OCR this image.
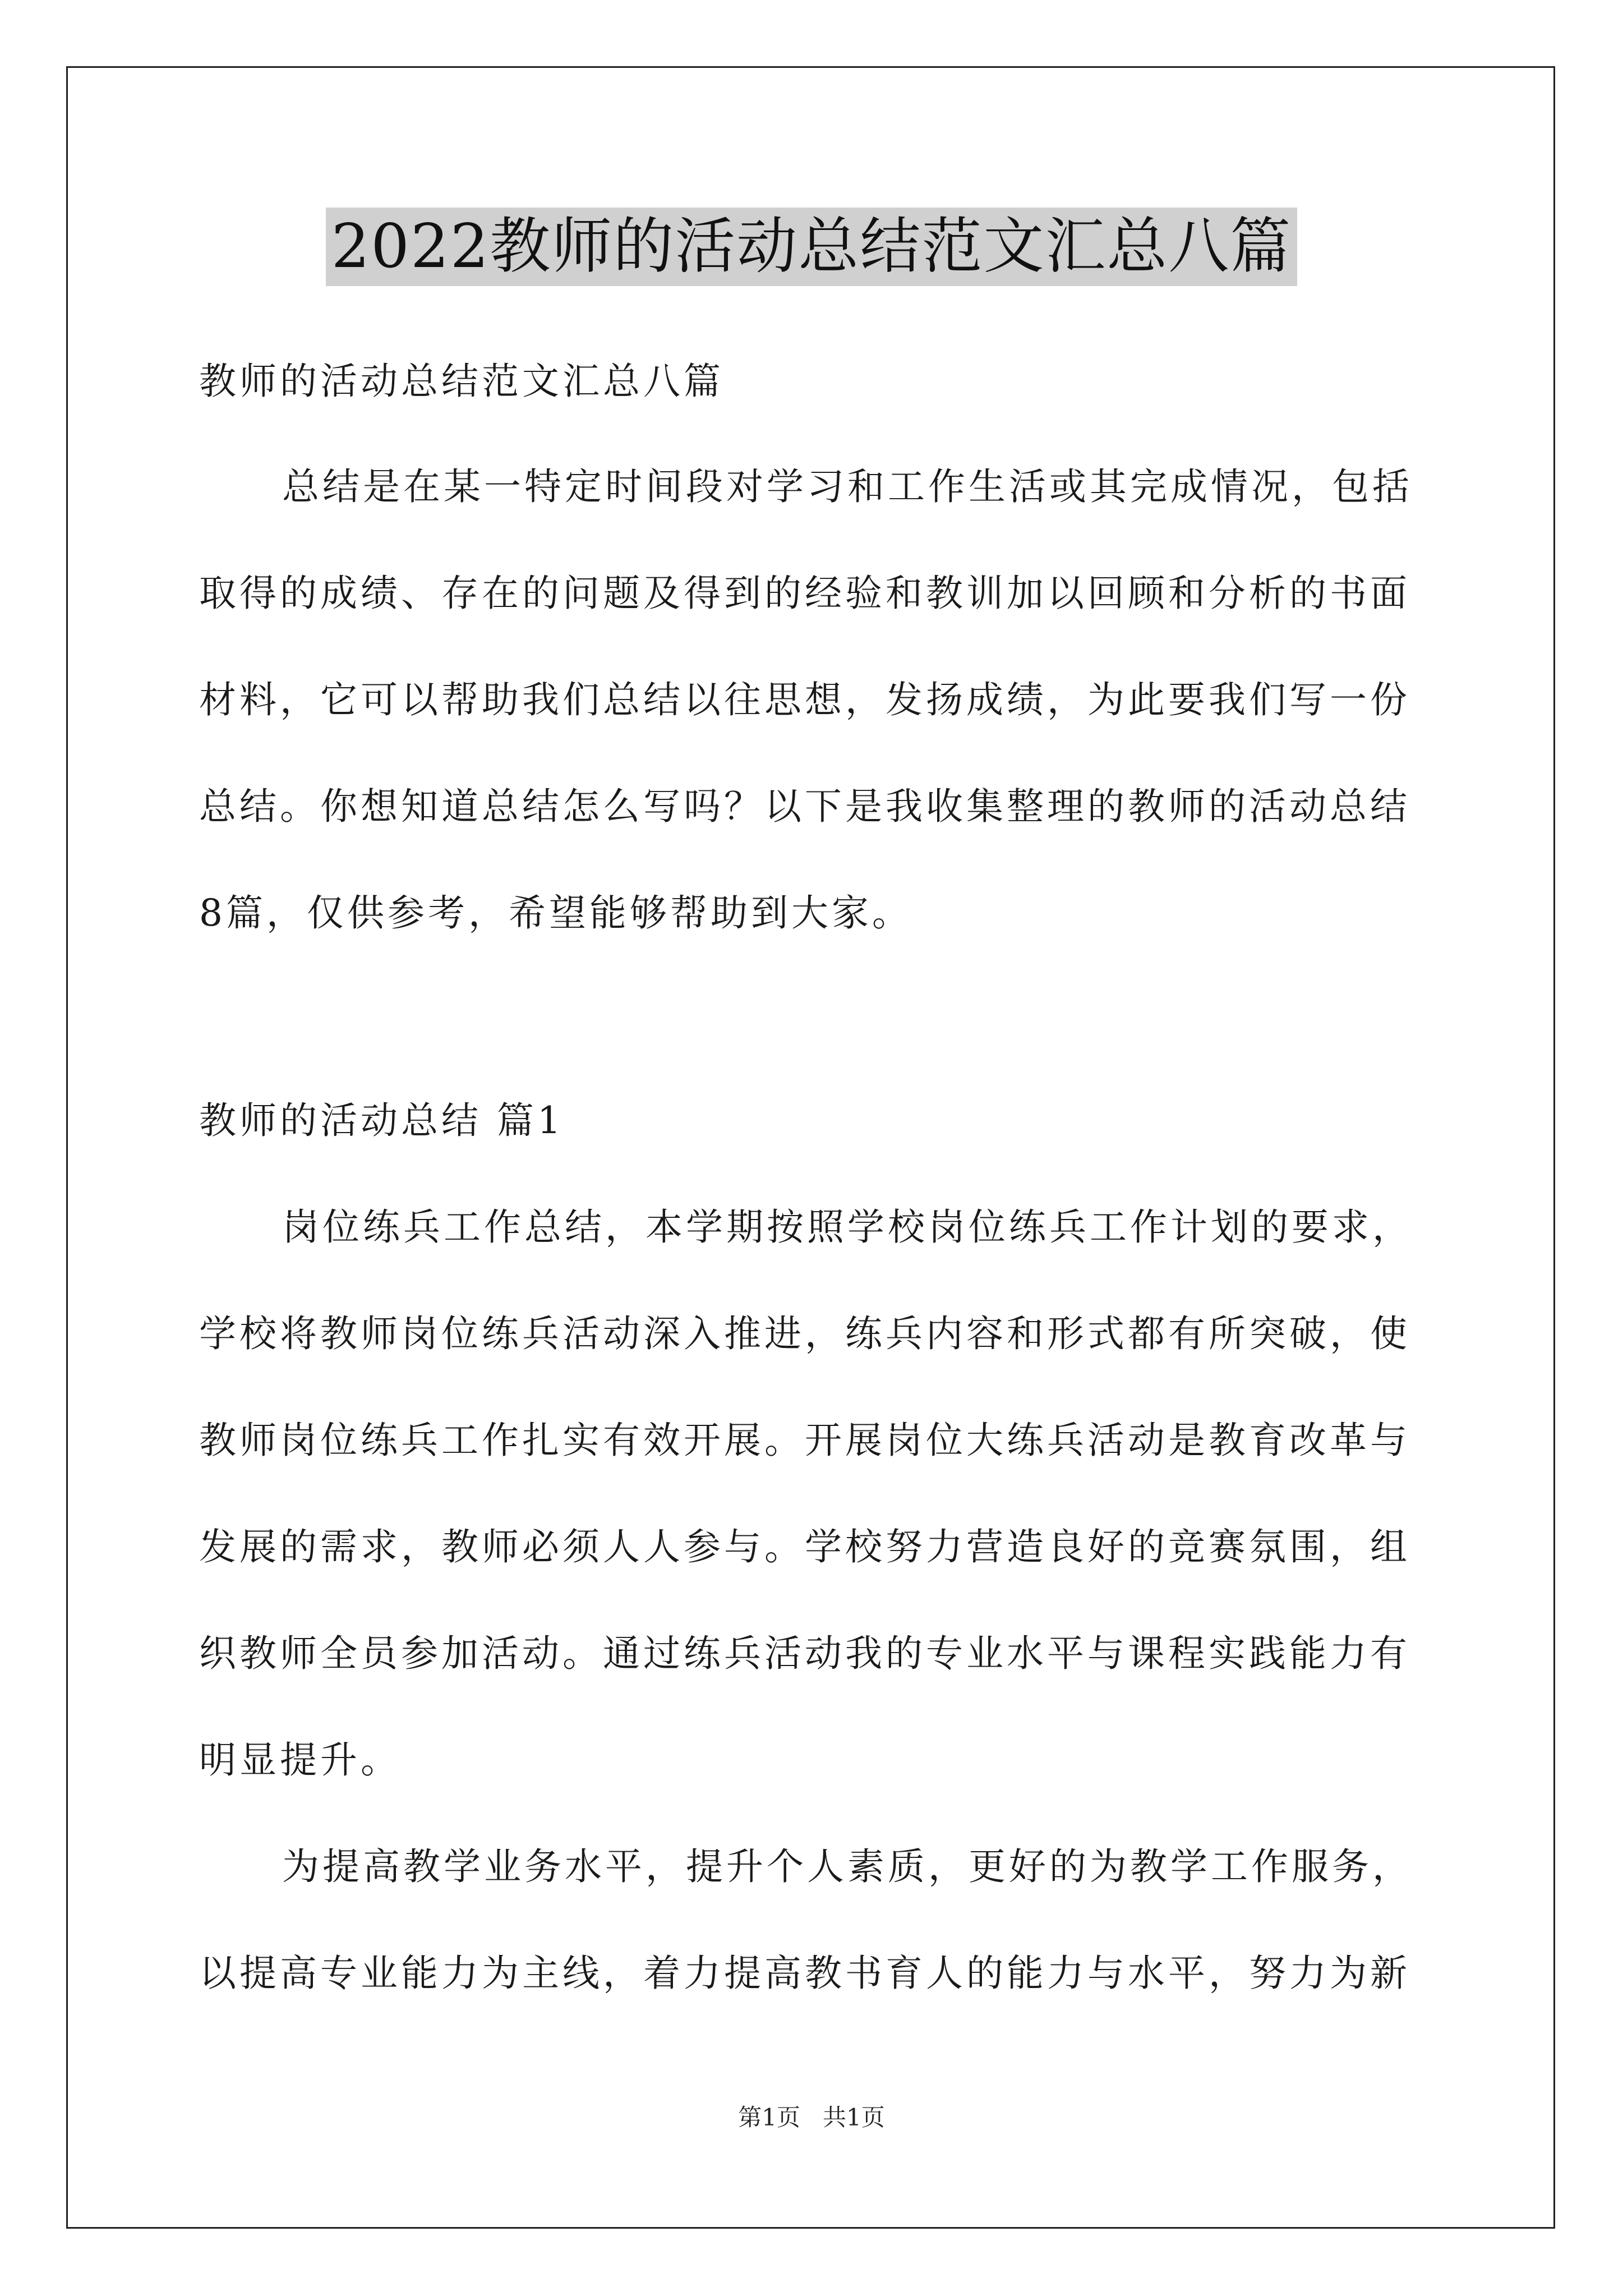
2022教师的活动总结范文汇总八篇
教师的活动总结范文汇总八篇
总结是在某一特定时间段对学习和工作生活或其完成情况，包括
取得的成绩、存在的问题及得到的经验和教训加以回顾和分析的书面
材料，它可以帮助我们总结以往思想，发扬成绩，为此要我们写一份
总结。你想知道总结怎么写吗？以下是我收集整理的教师的活动总结
8篇，仅供参考，希望能够帮助到大家。
教师的活动总结 篇1
岗位练兵工作总结，本学期按照学校岗位练兵工作计划的要求，
学校将教师岗位练兵活动深入推进，练兵内容和形式都有所突破，使
教师岗位练兵工作扎实有效开展。开展岗位大练兵活动是教育改革与
发展的需求，教师必须人人参与。学校努力营造良好的竞赛氛围，组
织教师全员参加活动。通过练兵活动我的专业水平与课程实践能力有
明显提升。
为提高教学业务水平，提升个人素质，更好的为教学工作服务，
以提高专业能力为主线，着力提高教书育人的能力与水平，努力为新
第1页   共1页
